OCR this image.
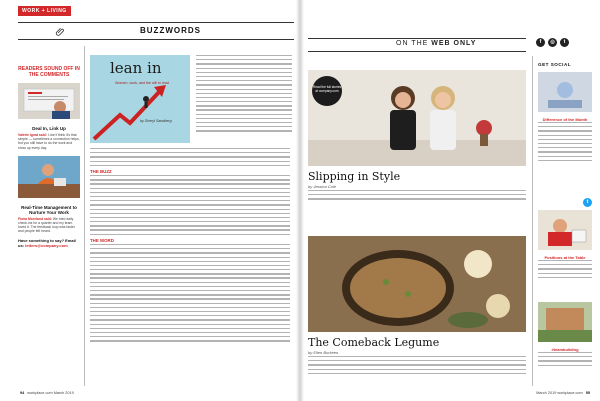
WORK + LIVING
BUZZWORDS
READERS SOUND OFF IN THE COMMENTS
Deal In, Link Up
Valerie Ignat said: I don't think it's that simple — sometimes a connection helps, but you still have to do the work and show up every day.
Real-Time Management to Nurture Your Work
Fiona Moreland said: We tried daily check-ins for a quarter and my team loved it. The feedback loop was faster and people felt heard.
Have something to say? Email us: letters@company.com
lean in
Women, work, and the will to lead
by Sheryl Sandberg
THE BUZZ
THE WORD
94 workplace.com March 2019
ON THE WEB ONLY	f	◎	t
Read the full stories at company.com
Slipping in Style
by Jessica Cole
The Comeback Legume
by Ellen Burkeen
GET SOCIAL
Difference of the Month
t
Positions at the Table
#teambuilding
March 2019 workplace.com 95
